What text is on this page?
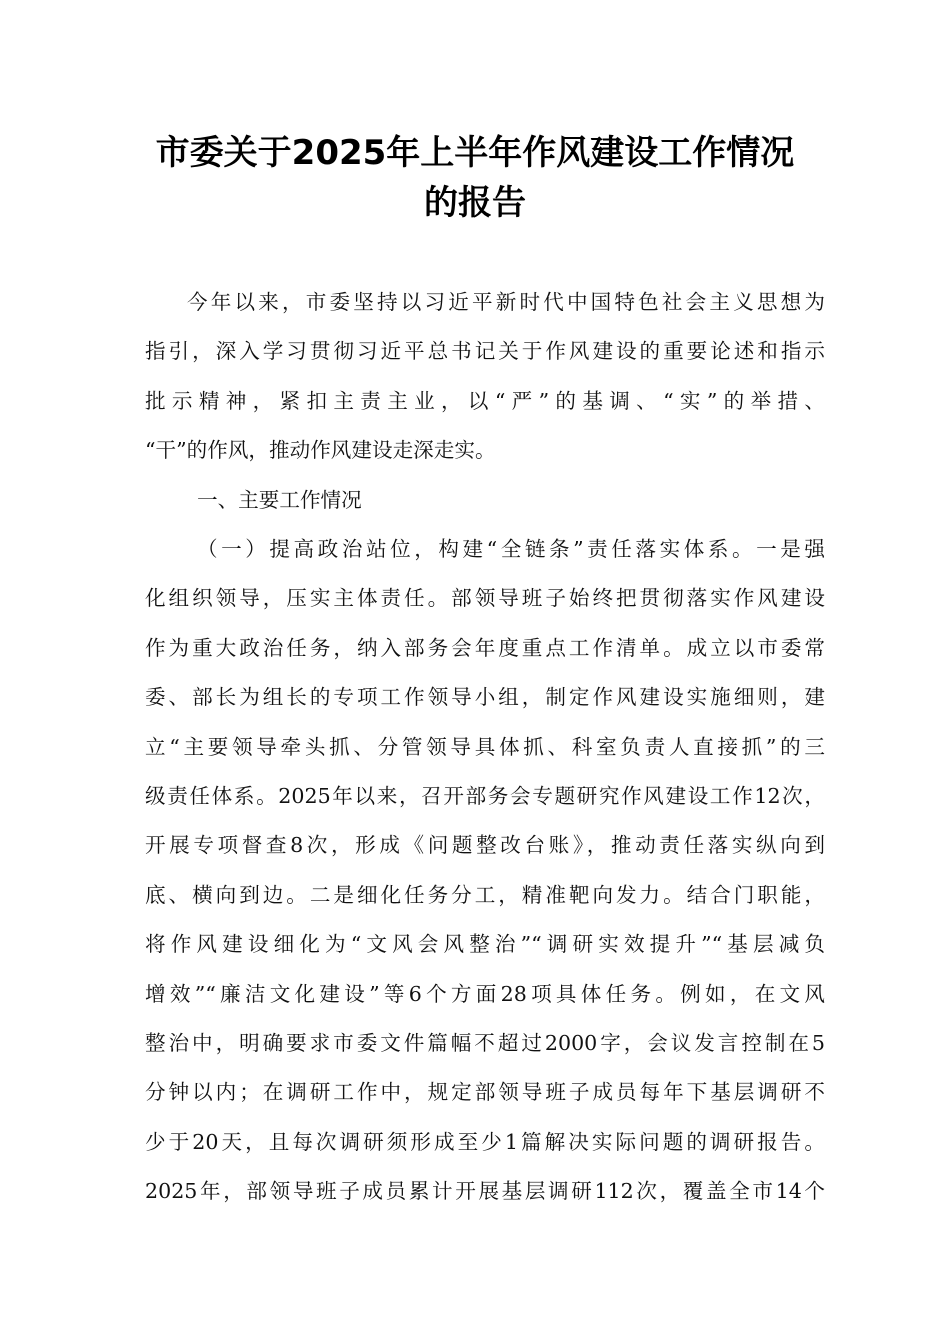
市委关于2025年上半年作风建设工作情况
的报告
今年以来，市委坚持以习近平新时代中国特色社会主义思想为
指引，深入学习贯彻习近平总书记关于作风建设的重要论述和指示
批示精神，紧扣主责主业，以“严”的基调、“实”的举措、
“干”的作风，推动作风建设走深走实。
一、主要工作情况
（一）提高政治站位，构建“全链条”责任落实体系。一是强
化组织领导，压实主体责任。部领导班子始终把贯彻落实作风建设
作为重大政治任务，纳入部务会年度重点工作清单。成立以市委常
委、部长为组长的专项工作领导小组，制定作风建设实施细则，建
立“主要领导牵头抓、分管领导具体抓、科室负责人直接抓”的三
级责任体系。2025年以来，召开部务会专题研究作风建设工作12次，
开展专项督查8次，形成《问题整改台账》，推动责任落实纵向到
底、横向到边。二是细化任务分工，精准靶向发力。结合门职能，
将作风建设细化为“文风会风整治”“调研实效提升”“基层减负
增效”“廉洁文化建设”等6个方面28项具体任务。例如，在文风
整治中，明确要求市委文件篇幅不超过2000字，会议发言控制在5
分钟以内；在调研工作中，规定部领导班子成员每年下基层调研不
少于20天，且每次调研须形成至少1篇解决实际问题的调研报告。
2025年，部领导班子成员累计开展基层调研112次，覆盖全市14个
